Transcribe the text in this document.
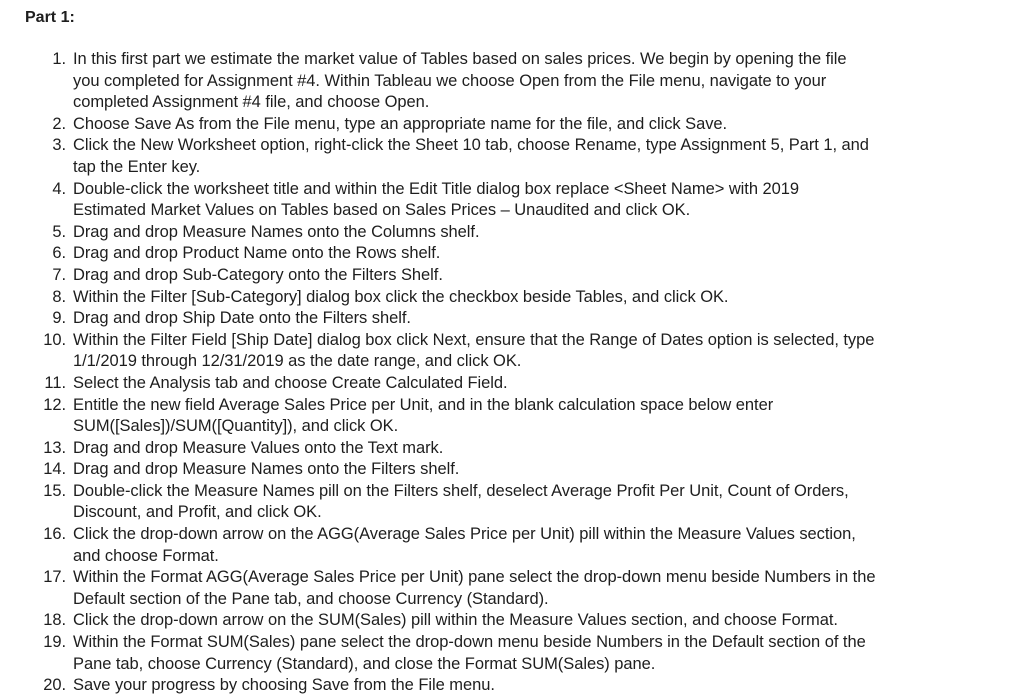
Part 1:
1. In this first part we estimate the market value of Tables based on sales prices. We begin by opening the file
you completed for Assignment #4. Within Tableau we choose Open from the File menu, navigate to your
completed Assignment #4 file, and choose Open.
2. Choose Save As from the File menu, type an appropriate name for the file, and click Save.
3. Click the New Worksheet option, right-click the Sheet 10 tab, choose Rename, type Assignment 5, Part 1, and
tap the Enter key.
4. Double-click the worksheet title and within the Edit Title dialog box replace <Sheet Name> with 2019
Estimated Market Values on Tables based on Sales Prices – Unaudited and click OK.
5. Drag and drop Measure Names onto the Columns shelf.
6. Drag and drop Product Name onto the Rows shelf.
7. Drag and drop Sub-Category onto the Filters Shelf.
8. Within the Filter [Sub-Category] dialog box click the checkbox beside Tables, and click OK.
9. Drag and drop Ship Date onto the Filters shelf.
10. Within the Filter Field [Ship Date] dialog box click Next, ensure that the Range of Dates option is selected, type
1/1/2019 through 12/31/2019 as the date range, and click OK.
11. Select the Analysis tab and choose Create Calculated Field.
12. Entitle the new field Average Sales Price per Unit, and in the blank calculation space below enter
SUM([Sales])/SUM([Quantity]), and click OK.
13. Drag and drop Measure Values onto the Text mark.
14. Drag and drop Measure Names onto the Filters shelf.
15. Double-click the Measure Names pill on the Filters shelf, deselect Average Profit Per Unit, Count of Orders,
Discount, and Profit, and click OK.
16. Click the drop-down arrow on the AGG(Average Sales Price per Unit) pill within the Measure Values section,
and choose Format.
17. Within the Format AGG(Average Sales Price per Unit) pane select the drop-down menu beside Numbers in the
Default section of the Pane tab, and choose Currency (Standard).
18. Click the drop-down arrow on the SUM(Sales) pill within the Measure Values section, and choose Format.
19. Within the Format SUM(Sales) pane select the drop-down menu beside Numbers in the Default section of the
Pane tab, choose Currency (Standard), and close the Format SUM(Sales) pane.
20. Save your progress by choosing Save from the File menu.
